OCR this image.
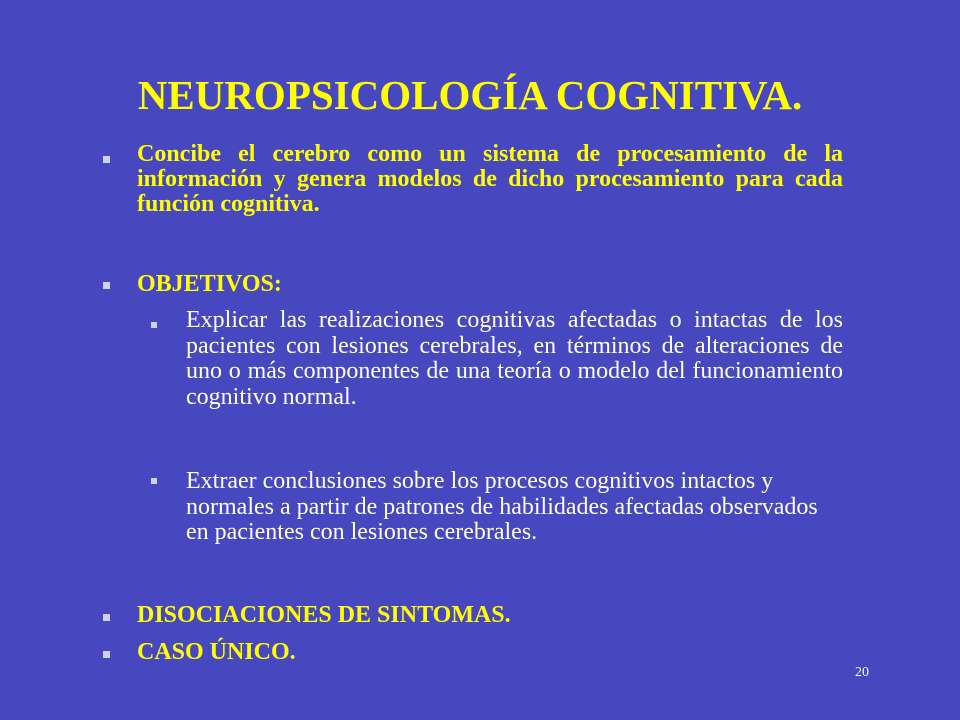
NEUROPSICOLOGÍA COGNITIVA.
Concibe el cerebro como un sistema de procesamiento de la información y genera modelos de dicho procesamiento para cada función cognitiva.
OBJETIVOS:
Explicar las realizaciones cognitivas afectadas o intactas de los pacientes con lesiones cerebrales, en términos de alteraciones de uno o más componentes de una teoría o modelo del funcionamiento cognitivo normal.
Extraer conclusiones sobre los procesos cognitivos intactos y normales a partir de patrones de habilidades afectadas observados en pacientes con lesiones cerebrales.
DISOCIACIONES DE SINTOMAS.
CASO ÚNICO.
20
